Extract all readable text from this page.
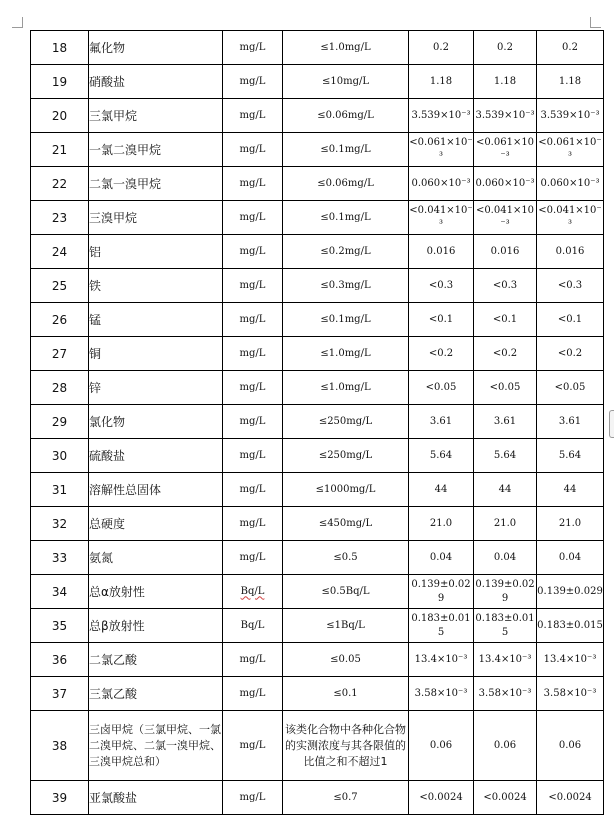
18	氟化物	mg/L	≤1.0mg/L	0.2	0.2	0.2
19	硝酸盐	mg/L	≤10mg/L	1.18	1.18	1.18
20	三氯甲烷	mg/L	≤0.06mg/L	3.539×10⁻³	3.539×10⁻³	3.539×10⁻³
21	一氯二溴甲烷	mg/L	≤0.1mg/L	<0.061×10⁻³	<0.061×10⁻³	<0.061×10⁻³
22	二氯一溴甲烷	mg/L	≤0.06mg/L	0.060×10⁻³	0.060×10⁻³	0.060×10⁻³
23	三溴甲烷	mg/L	≤0.1mg/L	<0.041×10⁻³	<0.041×10⁻³	<0.041×10⁻³
24	铝	mg/L	≤0.2mg/L	0.016	0.016	0.016
25	铁	mg/L	≤0.3mg/L	<0.3	<0.3	<0.3
26	锰	mg/L	≤0.1mg/L	<0.1	<0.1	<0.1
27	铜	mg/L	≤1.0mg/L	<0.2	<0.2	<0.2
28	锌	mg/L	≤1.0mg/L	<0.05	<0.05	<0.05
29	氯化物	mg/L	≤250mg/L	3.61	3.61	3.61
30	硫酸盐	mg/L	≤250mg/L	5.64	5.64	5.64
31	溶解性总固体	mg/L	≤1000mg/L	44	44	44
32	总硬度	mg/L	≤450mg/L	21.0	21.0	21.0
33	氨氮	mg/L	≤0.5	0.04	0.04	0.04
34	总α放射性	Bq/L	≤0.5Bq/L	0.139±0.029	0.139±0.029	0.139±0.029
35	总β放射性	Bq/L	≤1Bq/L	0.183±0.015	0.183±0.015	0.183±0.015
36	二氯乙酸	mg/L	≤0.05	13.4×10⁻³	13.4×10⁻³	13.4×10⁻³
37	三氯乙酸	mg/L	≤0.1	3.58×10⁻³	3.58×10⁻³	3.58×10⁻³
38	三卤甲烷（三氯甲烷、一氯二溴甲烷、二氯一溴甲烷、三溴甲烷总和）	mg/L	该类化合物中各种化合物的实测浓度与其各限值的比值之和不超过1	0.06	0.06	0.06
39	亚氯酸盐	mg/L	≤0.7	<0.0024	<0.0024	<0.0024
